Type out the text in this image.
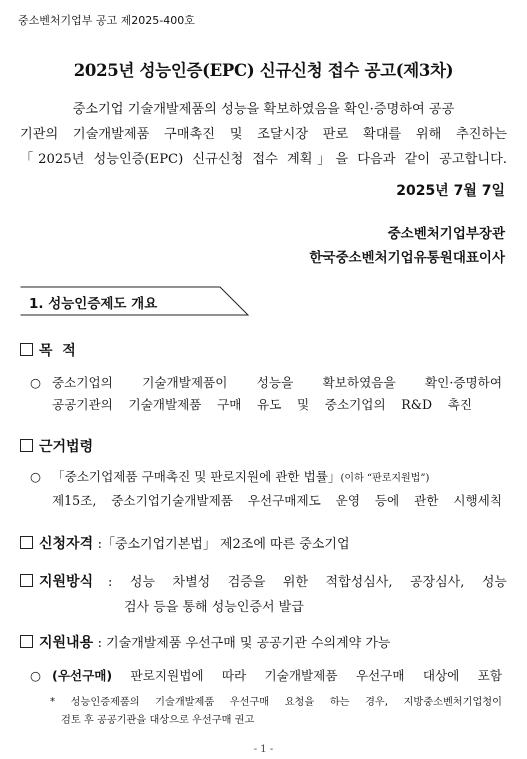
중소벤처기업부 공고 제2025-400호
2025년 성능인증(EPC) 신규신청 접수 공고(제3차)
중소기업 기술개발제품의 성능을 확보하였음을 확인·증명하여 공공
기관의 기술개발제품 구매촉진 및 조달시장 판로 확대를 위해 추진하는
「2025년 성능인증(EPC) 신규신청 접수 계획」을 다음과 같이 공고합니다.
2025년 7월 7일
중소벤처기업부장관
한국중소벤처기업유통원대표이사
1. 성능인증제도 개요
목  적
○ 중소기업의 기술개발제품이 성능을 확보하였음을 확인·증명하여
공공기관의 기술개발제품 구매 유도 및 중소기업의 R&D 촉진
근거법령
○ 「중소기업제품 구매촉진 및 판로지원에 관한 법률」(이하 “판로지원법”)
제15조, 중소기업기술개발제품 우선구매제도 운영 등에 관한 시행세칙
신청자격 :「중소기업기본법」 제2조에 따른 중소기업
지원방식 : 성능 차별성 검증을 위한 적합성심사, 공장심사, 성능
검사 등을 통해 성능인증서 발급
지원내용 : 기술개발제품 우선구매 및 공공기관 수의계약 가능
○ (우선구매) 판로지원법에 따라 기술개발제품 우선구매 대상에 포함
* 성능인증제품의 기술개발제품 우선구매 요청을 하는 경우, 지방중소벤처기업청이
검토 후 공공기관을 대상으로 우선구매 권고
- 1 -
